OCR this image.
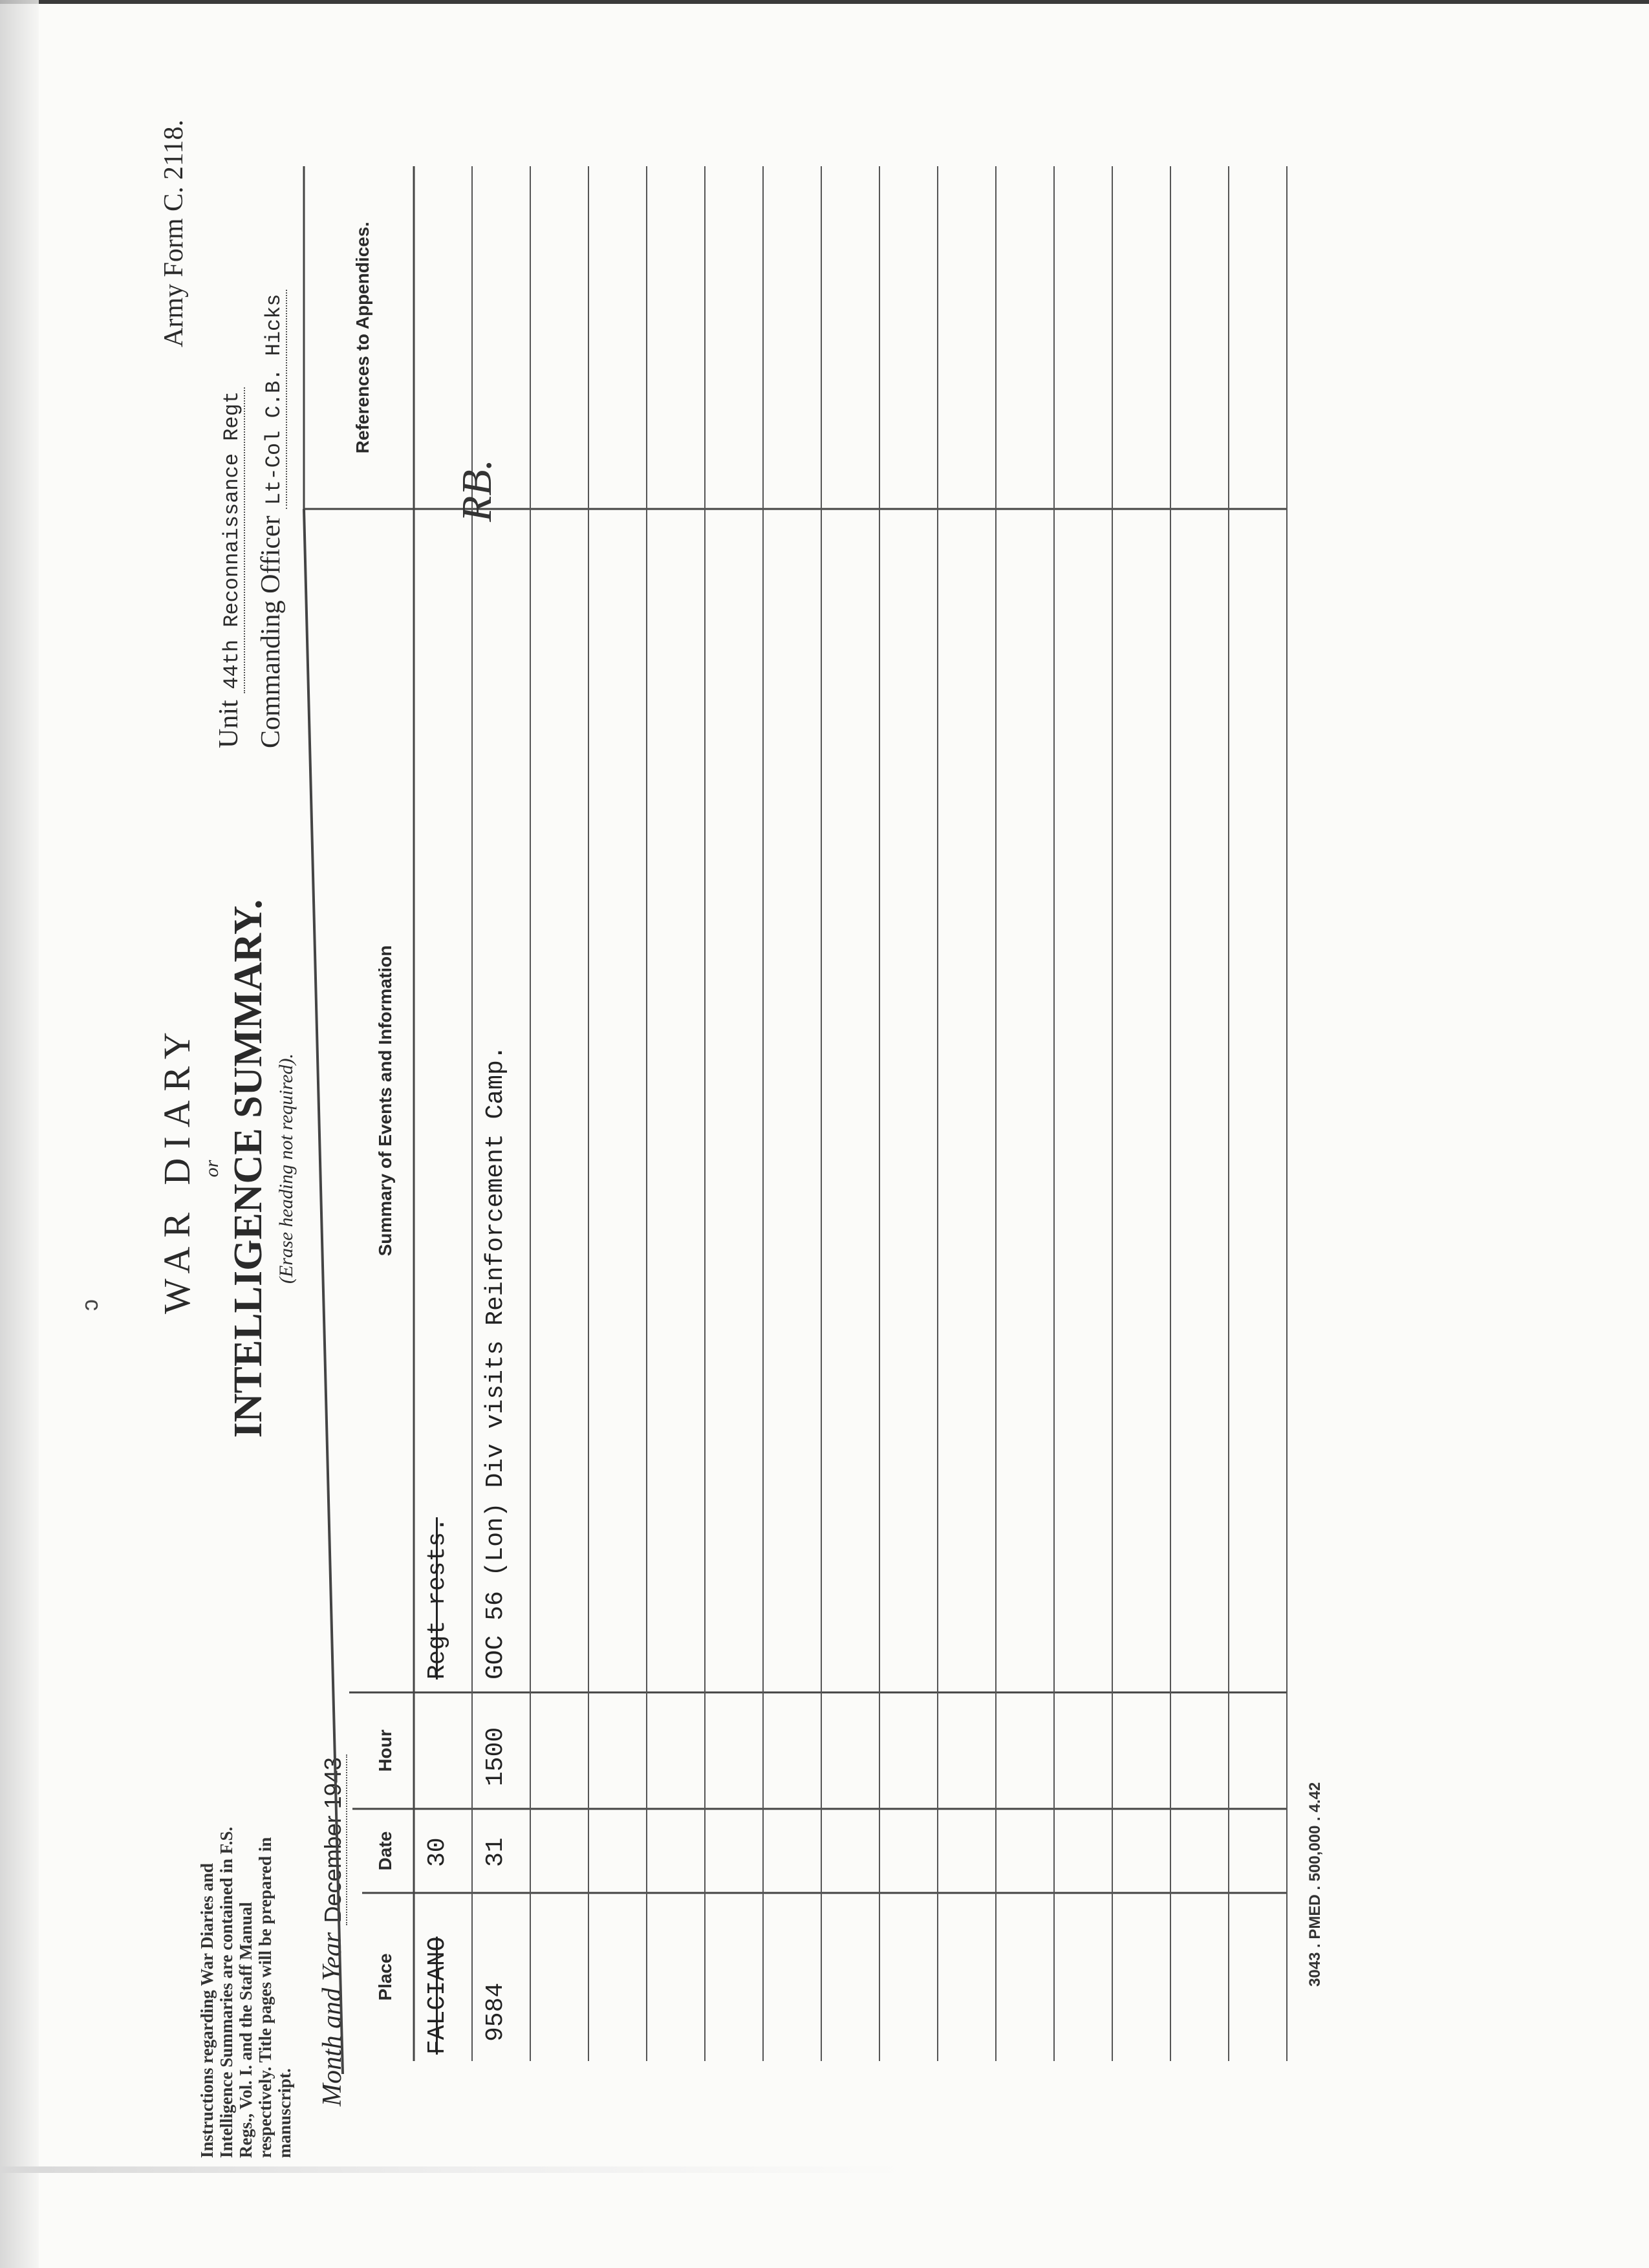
Instructions regarding War Diaries and Intelligence Summaries are contained in F.S. Regs., Vol. I. and the Staff Manual respectively. Title pages will be prepared in manuscript.
Month and Year December 1943
ↄ WAR DIARY or INTELLIGENCE SUMMARY. (Erase heading not required).
Army Form C. 2118.
Unit 44th Reconnaissance Regt Commanding Officer Lt-Col C.B. Hicks
Place
Date
Hour
Summary of Events and Information
References to Appendices.
FALCIANO
30
Regt rests.
9584
31
1500
GOC 56 (Lon) Div visits Reinforcement Camp.
RB.
3043 . PMED . 500,000 . 4.42
